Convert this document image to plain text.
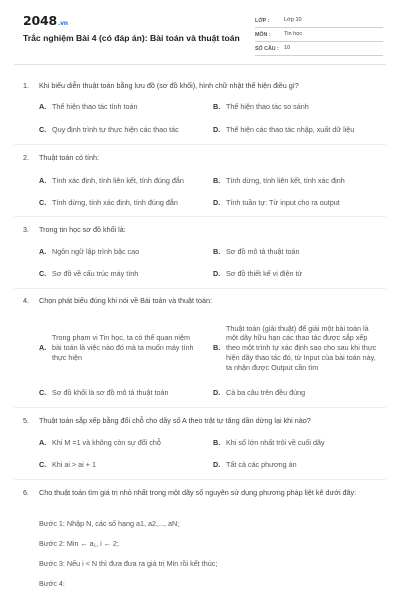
2048.vn
Trắc nghiệm Bài 4 (có đáp án): Bài toán và thuật toán
LỚP :	Lớp 10
MÔN :	Tin học
SỐ CÂU : 10
1.	Khi biểu diễn thuật toán bằng lưu đồ (sơ đồ khối), hình chữ nhật thể hiện điều gì?
A. Thể hiện thao tác tính toán	B. Thể hiện thao tác so sánh
C. Quy định trình tự thực hiện các thao tác	D. Thể hiện các thao tác nhập, xuất dữ liệu
2.	Thuật toán có tính:
A. Tính xác định, tính liên kết, tính đúng đắn	B. Tính dừng, tính liên kết, tính xác định
C. Tính dừng, tính xác định, tính đúng đắn	D. Tính tuần tự: Từ input cho ra output
3.	Trong tin học sơ đồ khối là:
A. Ngôn ngữ lập trình bậc cao	B. Sơ đồ mô tả thuật toán
C. Sơ đồ về cấu trúc máy tính	D. Sơ đồ thiết kế vi điện tử
4.	Chọn phát biểu đúng khi nói về Bài toán và thuật toán:
A.
Trong phạm vi Tin học, ta có thể quan niệm bài toán là việc nào đó mà ta muốn máy tính thực hiện
B.
Thuật toán (giải thuật) để giải một bài toán là một dãy hữu hạn các thao tác được sắp xếp theo một trình tự xác định sao cho sau khi thực hiện dãy thao tác đó, từ Input của bài toán này, ta nhận được Output cần tìm
C. Sơ đồ khối là sơ đồ mô tả thuật toán	D. Cả ba câu trên đều đúng
5.	Thuật toán sắp xếp bằng đổi chỗ cho dãy số A theo trật tự tăng dần dừng lại khi nào?
A. Khi M =1 và không còn sự đổi chỗ	B. Khi số lớn nhất trôi về cuối dãy
C. Khi ai > ai + 1	D. Tất cả các phương án
6.	Cho thuật toán tìm giá trị nhỏ nhất trong một dãy số nguyên sử dụng phương pháp liệt kê dưới đây:
Bước 1: Nhập N, các số hạng a1, a2,..., aN;
Bước 2: Min ← a₁, i ← 2;
Bước 3: Nếu i < N thì đưa đưa ra giá trị Min rồi kết thúc;
Bước 4:
